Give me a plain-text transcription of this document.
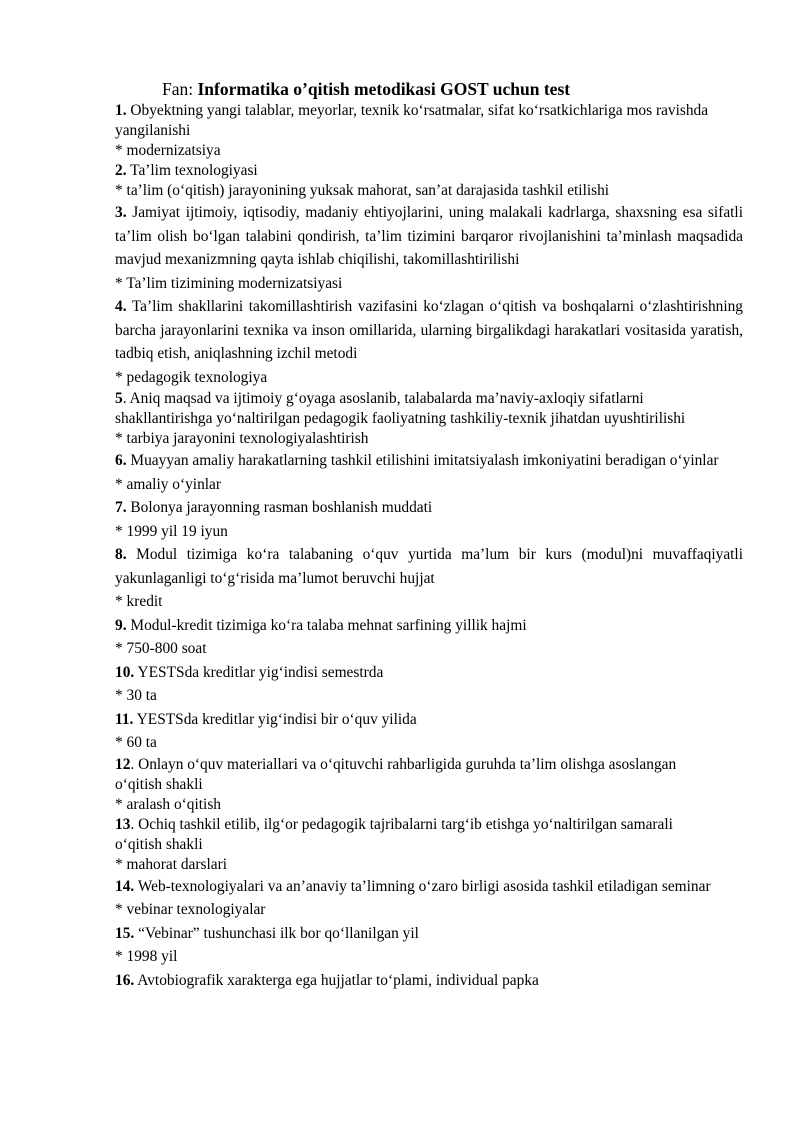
Fan: Informatika o’qitish metodikasi GOST uchun test

1. Obyektning yangi talablar, meyorlar, texnik ko‘rsatmalar, sifat ko‘rsatkichlariga mos ravishda yangilanishi

* modernizatsiya

2. Ta’lim texnologiyasi

* ta’lim (o‘qitish) jarayonining yuksak mahorat, san’at darajasida tashkil etilishi

3. Jamiyat ijtimoiy, iqtisodiy, madaniy ehtiyojlarini, uning malakali kadrlarga, shaxsning esa sifatli ta’lim olish bo‘lgan talabini qondirish, ta’lim tizimini barqaror rivojlanishini ta’minlash maqsadida mavjud mexanizmning qayta ishlab chiqilishi, takomillashtirilishi

* Ta’lim tizimining modernizatsiyasi

4. Ta’lim shakllarini takomillashtirish vazifasini ko‘zlagan o‘qitish va boshqalarni o‘zlashtirishning barcha jarayonlarini texnika va inson omillarida, ularning birgalikdagi harakatlari vositasida yaratish, tadbiq etish, aniqlashning izchil metodi

* pedagogik texnologiya

5. Aniq maqsad va ijtimoiy g‘oyaga asoslanib, talabalarda ma’naviy-axloqiy sifatlarni shakllantirishga yo‘naltirilgan pedagogik faoliyatning tashkiliy-texnik jihatdan uyushtirilishi

* tarbiya jarayonini texnologiyalashtirish

6. Muayyan amaliy harakatlarning tashkil etilishini imitatsiyalash imkoniyatini beradigan o‘yinlar

* amaliy o‘yinlar

7. Bolonya jarayonning rasman boshlanish muddati

* 1999 yil 19 iyun

8. Modul tizimiga ko‘ra talabaning o‘quv yurtida ma’lum bir kurs (modul)ni muvaffaqiyatli yakunlaganligi to‘g‘risida ma’lumot beruvchi hujjat

* kredit

9. Modul-kredit tizimiga ko‘ra talaba mehnat sarfining yillik hajmi

* 750-800 soat

10. YESTSda kreditlar yig‘indisi semestrda

* 30 ta

11. YESTSda kreditlar yig‘indisi bir o‘quv yilida

* 60 ta

12. Onlayn o‘quv materiallari va o‘qituvchi rahbarligida guruhda ta’lim olishga asoslangan o‘qitish shakli

* aralash o‘qitish

13. Ochiq tashkil etilib, ilg‘or pedagogik tajribalarni targ‘ib etishga yo‘naltirilgan samarali o‘qitish shakli

* mahorat darslari

14. Web-texnologiyalari va an’anaviy ta’limning o‘zaro birligi asosida tashkil etiladigan seminar

* vebinar texnologiyalar

15. “Vebinar” tushunchasi ilk bor qo‘llanilgan yil

* 1998 yil

16. Avtobiografik xarakterga ega hujjatlar to‘plami, individual papka
